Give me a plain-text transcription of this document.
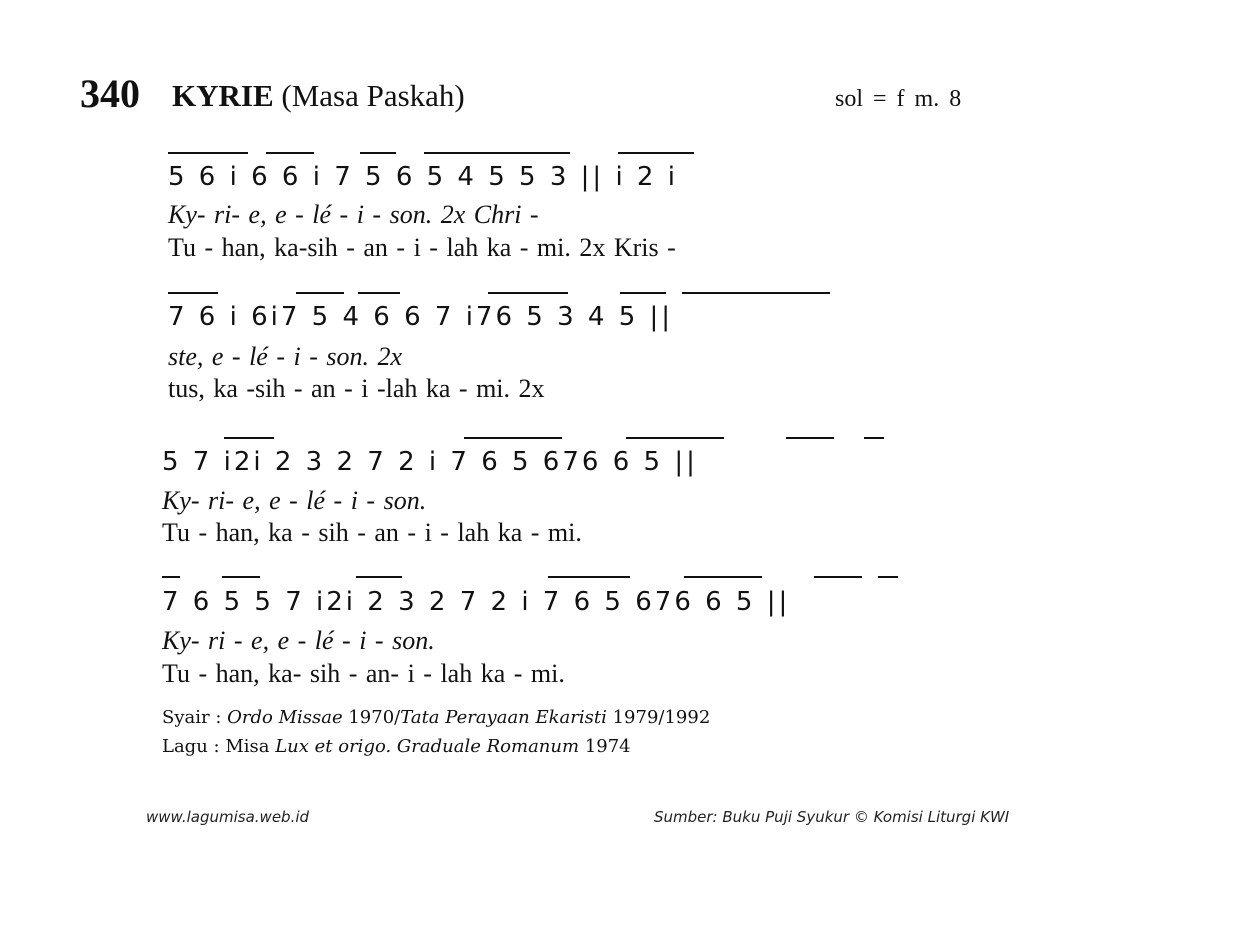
340 KYRIE (Masa Paskah)	sol = f m. 8
5 6 i 6 6 i 7 5 6 5 4 5 5 3 || i 2 i
Ky- ri- e, e - lé - i - son. 2x Chri -
Tu - han, ka-sih - an - i - lah ka - mi. 2x Kris -
7 6 i 6i7 5 4 6 6 7 i76 5 3 4 5 ||
ste, e - lé - i - son. 2x
tus, ka -sih - an - i -lah ka - mi. 2x
5 7 i2i 2 3 2 7 2 i 7 6 5 676 6 5 ||
Ky- ri- e, e - lé - i - son.
Tu - han, ka - sih - an - i - lah ka - mi.
7 6 5 5 7 i2i 2 3 2 7 2 i 7 6 5 676 6 5 ||
Ky- ri - e, e - lé - i - son.
Tu - han, ka- sih - an- i - lah ka - mi.
Syair : Ordo Missae 1970/Tata Perayaan Ekaristi 1979/1992
Lagu : Misa Lux et origo. Graduale Romanum 1974
www.lagumisa.web.id	Sumber: Buku Puji Syukur © Komisi Liturgi KWI
